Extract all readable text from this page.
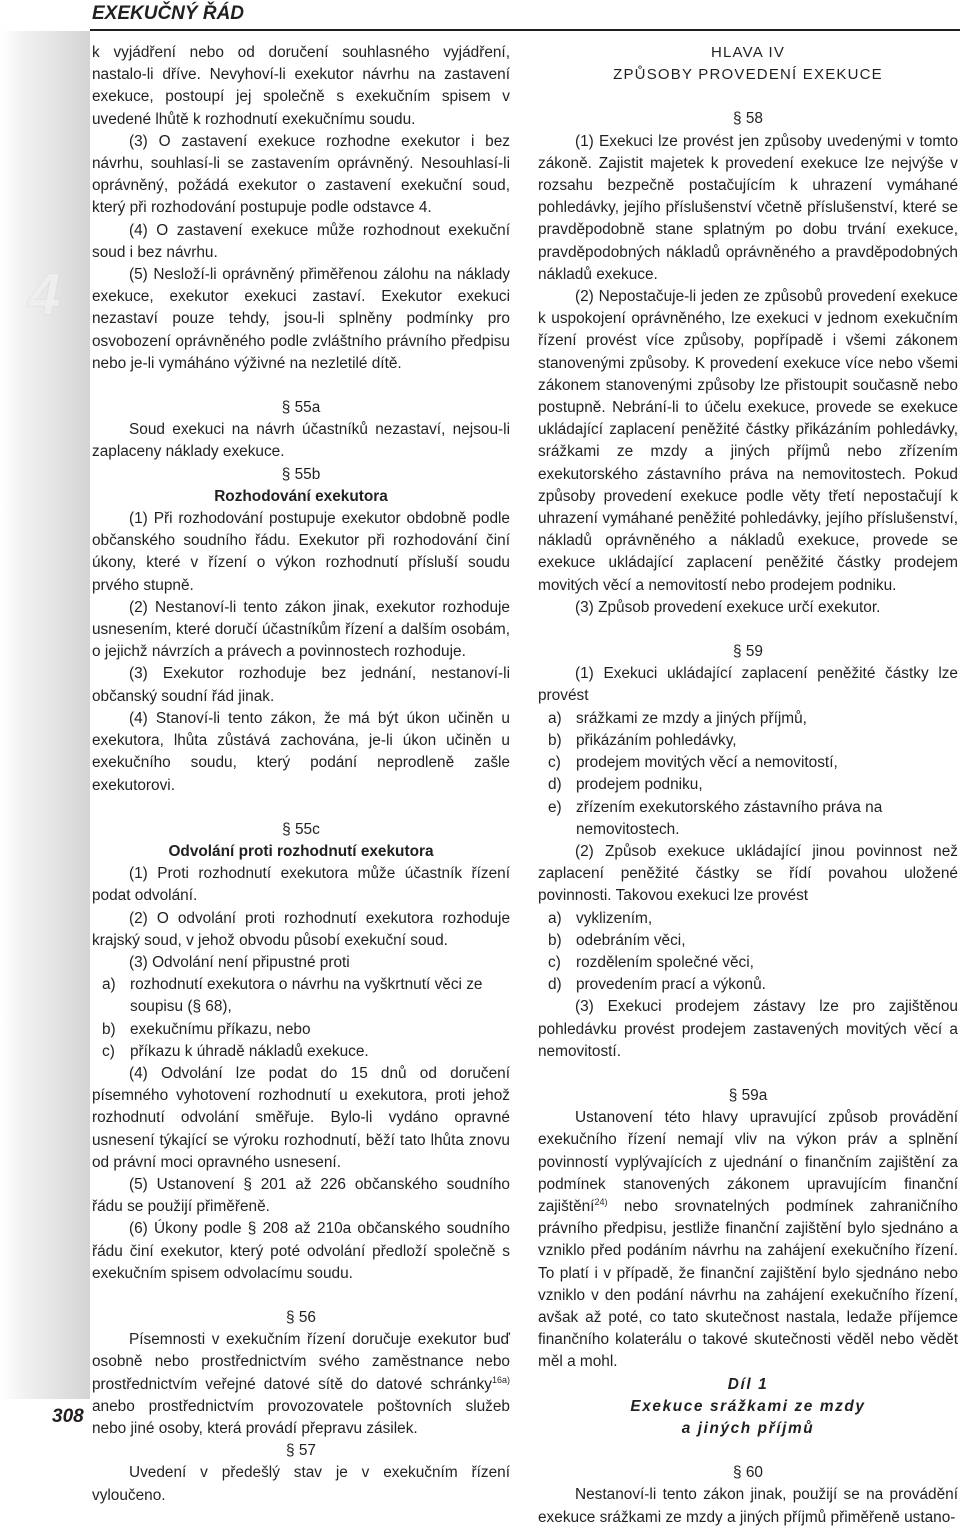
EXEKUČNÝ ŘÁD
4
308

k vyjádření nebo od doručení souhlasného vyjádření, nastalo-li dříve. Nevyhoví-li exekutor návrhu na zastavení exekuce, postoupí jej společně s exekučním spisem v uvedené lhůtě k rozhodnutí exekučnímu soudu.

(3) O zastavení exekuce rozhodne exekutor i bez návrhu, souhlasí-li se zastavením oprávněný. Nesouhlasí-li oprávněný, požádá exekutor o zastavení exekuční soud, který při rozhodování postupuje podle odstavce 4.

(4) O zastavení exekuce může rozhodnout exekuční soud i bez návrhu.

(5) Nesloží-li oprávněný přiměřenou zálohu na náklady exekuce, exekutor exekuci zastaví. Exekutor exekuci nezastaví pouze tehdy, jsou-li splněny podmínky pro osvobození oprávněného podle zvláštního právního předpisu nebo je-li vymáháno výživné na nezletilé dítě.

§ 55a

Soud exekuci na návrh účastníků nezastaví, nejsou-li zaplaceny náklady exekuce.

§ 55b

Rozhodování exekutora

(1) Při rozhodování postupuje exekutor obdobně podle občanského soudního řádu. Exekutor při rozhodování činí úkony, které v řízení o výkon rozhodnutí přísluší soudu prvého stupně.

(2) Nestanoví-li tento zákon jinak, exekutor rozhoduje usnesením, které doručí účastníkům řízení a dalším osobám, o jejichž návrzích a právech a povinnostech rozhoduje.

(3) Exekutor rozhoduje bez jednání, nestanoví-li občanský soudní řád jinak.

(4) Stanoví-li tento zákon, že má být úkon učiněn u exekutora, lhůta zůstává zachována, je-li úkon učiněn u exekučního soudu, který podání neprodleně zašle exekutorovi.

§ 55c

Odvolání proti rozhodnutí exekutora

(1) Proti rozhodnutí exekutora může účastník řízení podat odvolání.

(2) O odvolání proti rozhodnutí exekutora rozhoduje krajský soud, v jehož obvodu působí exekuční soud.

(3) Odvolání není připustné proti

a) rozhodnutí exekutora o návrhu na vyškrtnutí věci ze soupisu (§ 68),
b) exekučnímu příkazu, nebo
c) příkazu k úhradě nákladů exekuce.

(4) Odvolání lze podat do 15 dnů od doručení písemného vyhotovení rozhodnutí u exekutora, proti jehož rozhodnutí odvolání směřuje. Bylo-li vydáno opravné usnesení týkající se výroku rozhodnutí, běží tato lhůta znovu od právní moci opravného usnesení.

(5) Ustanovení § 201 až 226 občanského soudního řádu se použijí přiměřeně.

(6) Úkony podle § 208 až 210a občanského soudního řádu činí exekutor, který poté odvolání předloží společně s exekučním spisem odvolacímu soudu.

§ 56

Písemnosti v exekučním řízení doručuje exekutor buď osobně nebo prostřednictvím svého zaměstnance nebo prostřednictvím veřejné datové sítě do datové schránky$^{16a)}$ anebo prostřednictvím provozovatele poštovních služeb nebo jiné osoby, která provádí přepravu zásilek.

§ 57

Uvedení v předešlý stav je v exekučním řízení vyloučeno.

HLAVA IV

ZPŮSOBY PROVEDENÍ EXEKUCE

§ 58

(1) Exekuci lze provést jen způsoby uvedenými v tomto zákoně. Zajistit majetek k provedení exekuce lze nejvýše v rozsahu bezpečně postačujícím k uhrazení vymáhané pohledávky, jejího příslušenství včetně příslušenství, které se pravděpodobně stane splatným po dobu trvání exekuce, pravděpodobných nákladů oprávněného a pravděpodobných nákladů exekuce.

(2) Nepostačuje-li jeden ze způsobů provedení exekuce k uspokojení oprávněného, lze exekuci v jednom exekučním řízení provést více způsoby, popřípadě i všemi zákonem stanovenými způsoby. K provedení exekuce více nebo všemi zákonem stanovenými způsoby lze přistoupit současně nebo postupně. Nebrání-li to účelu exekuce, provede se exekuce ukládající zaplacení peněžité částky přikázáním pohledávky, srážkami ze mzdy a jiných příjmů nebo zřízením exekutorského zástavního práva na nemovitostech. Pokud způsoby provedení exekuce podle věty třetí nepostačují k uhrazení vymáhané peněžité pohledávky, jejího příslušenství, nákladů oprávněného a nákladů exekuce, provede se exekuce ukládající zaplacení peněžité částky prodejem movitých věcí a nemovitostí nebo prodejem podniku.

(3) Způsob provedení exekuce určí exekutor.

§ 59

(1) Exekuci ukládající zaplacení peněžité částky lze provést

a) srážkami ze mzdy a jiných příjmů,
b) přikázáním pohledávky,
c) prodejem movitých věcí a nemovitostí,
d) prodejem podniku,
e) zřízením exekutorského zástavního práva na nemovitostech.

(2) Způsob exekuce ukládající jinou povinnost než zaplacení peněžité částky se řídí povahou uložené povinnosti. Takovou exekuci lze provést

a) vyklizením,
b) odebráním věci,
c) rozdělením společné věci,
d) provedením prací a výkonů.

(3) Exekuci prodejem zástavy lze pro zajištěnou pohledávku provést prodejem zastavených movitých věcí a nemovitostí.

§ 59a

Ustanovení této hlavy upravující způsob provádění exekučního řízení nemají vliv na výkon práv a splnění povinností vyplývajících z ujednání o finančním zajištění za podmínek stanovených zákonem upravujícím finanční zajištění$^{24)}$ nebo srovnatelných podmínek zahraničního právního předpisu, jestliže finanční zajištění bylo sjednáno a vzniklo před podáním návrhu na zahájení exekučního řízení. To platí i v případě, že finanční zajištění bylo sjednáno nebo vzniklo v den podání návrhu na zahájení exekučního řízení, avšak až poté, co tato skutečnost nastala, ledaže příjemce finančního kolaterálu o takové skutečnosti věděl nebo vědět měl a mohl.

Díl 1

Exekuce srážkami ze mzdy

a jiných příjmů

§ 60

Nestanoví-li tento zákon jinak, použijí se na provádění exekuce srážkami ze mzdy a jiných příjmů přiměřeně ustano-
